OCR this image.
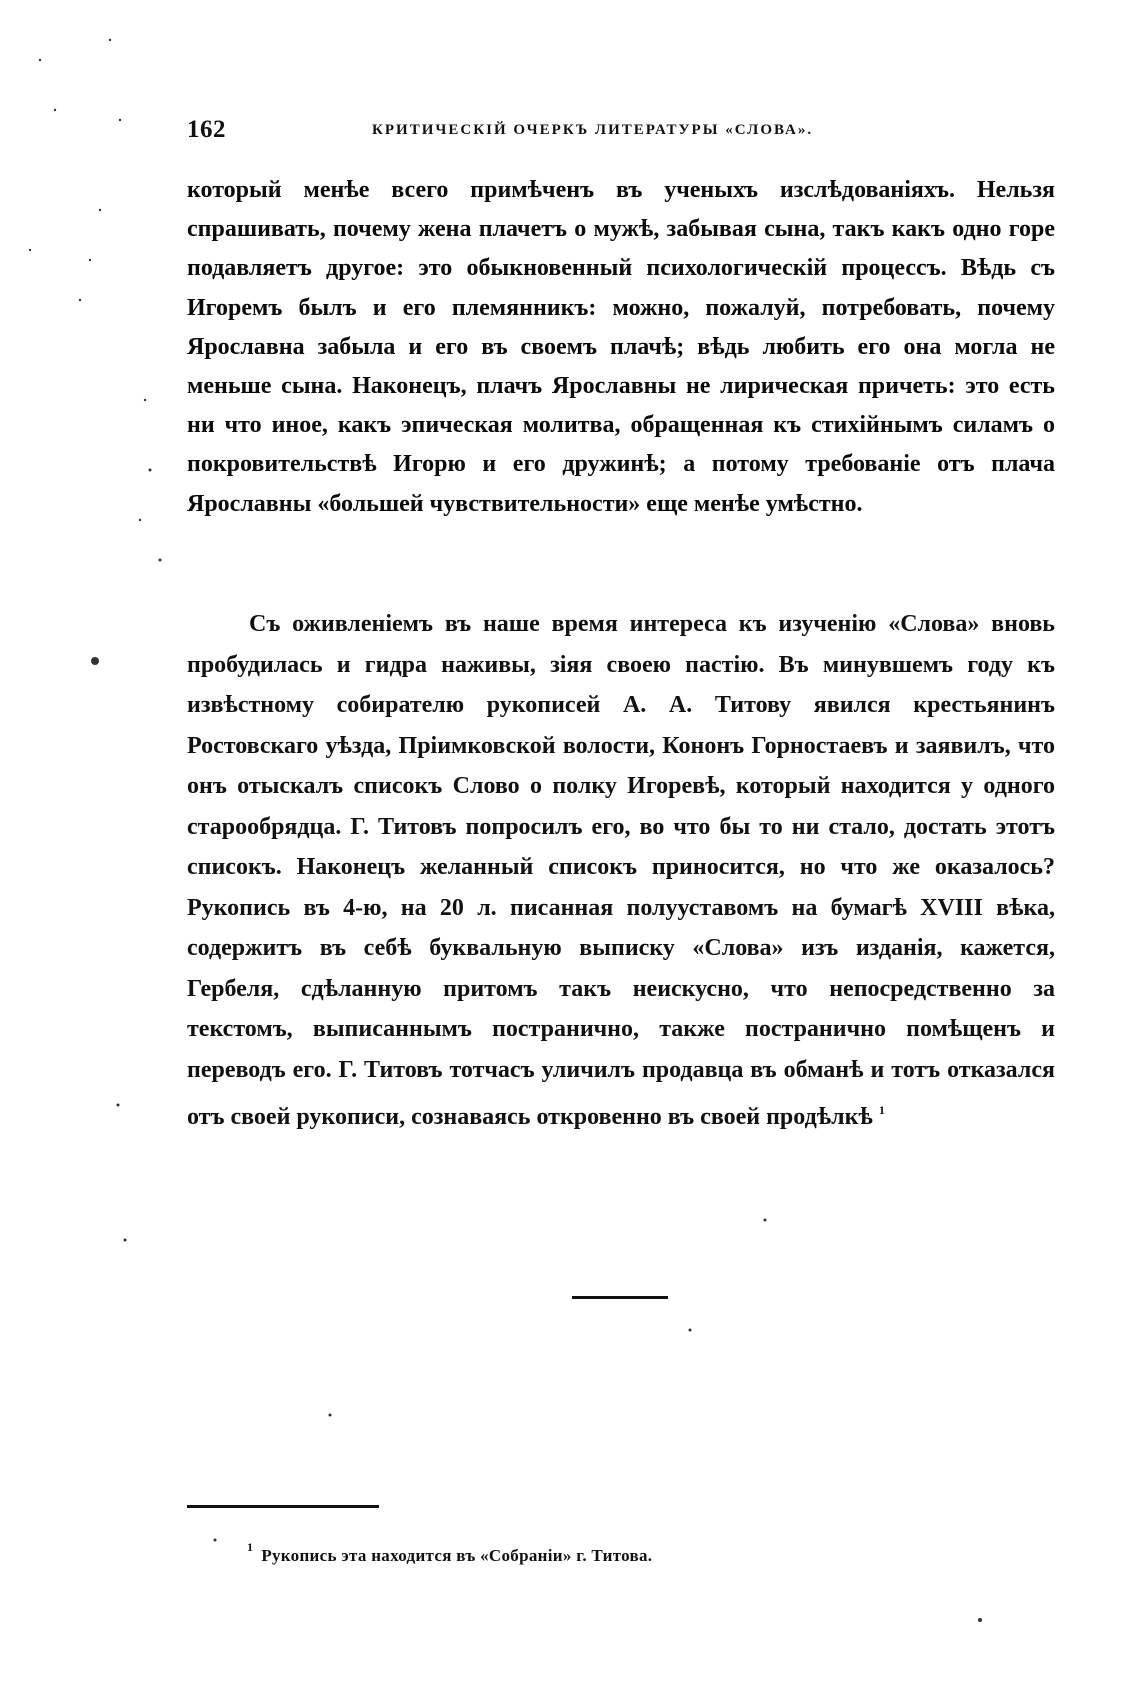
162	КРИТИЧЕСКІЙ ОЧЕРКЪ ЛИТЕРАТУРЫ «СЛОВА».
который менѣе всего примѣченъ въ ученыхъ изслѣдованіяхъ. Нельзя спрашивать, почему жена плачетъ о мужѣ, забывая сына, такъ какъ одно горе подавляетъ другое: это обыкновенный психологическій процессъ. Вѣдь съ Игоремъ былъ и его племянникъ: можно, пожалуй, потребовать, почему Ярославна забыла и его въ своемъ плачѣ; вѣдь любить его она могла не меньше сына. Наконецъ, плачъ Ярославны не лирическая причеть: это есть ни что иное, какъ эпическая молитва, обращенная къ стихійнымъ силамъ о покровительствѣ Игорю и его дружинѣ; а потому требованіе отъ плача Ярославны «большей чувствительности» еще менѣе умѣстно.
Съ оживленіемъ въ наше время интереса къ изученію «Слова» вновь пробудилась и гидра наживы, зіяя своею пастію. Въ минувшемъ году къ извѣстному собирателю рукописей А. А. Титову явился крестьянинъ Ростовскаго уѣзда, Пріимковской волости, Кононъ Горностаевъ и заявилъ, что онъ отыскалъ списокъ Слово о полку Игоревѣ, который находится у одного старообрядца. Г. Титовъ попросилъ его, во что бы то ни стало, достать этотъ списокъ. Наконецъ желанный списокъ приносится, но что же оказалось? Рукопись въ 4-ю, на 20 л. писанная полууставомъ на бумагѣ XVIII вѣка, содержитъ въ себѣ буквальную выписку «Слова» изъ изданія, кажется, Гербеля, сдѣланную притомъ такъ неискусно, что непосредственно за текстомъ, выписаннымъ постранично, также постранично помѣщенъ и переводъ его. Г. Титовъ тотчасъ уличилъ продавца въ обманѣ и тотъ отказался отъ своей рукописи, сознаваясь откровенно въ своей продѣлкѣ $^1$
$^1$ Рукопись эта находится въ «Собраніи» г. Титова.
